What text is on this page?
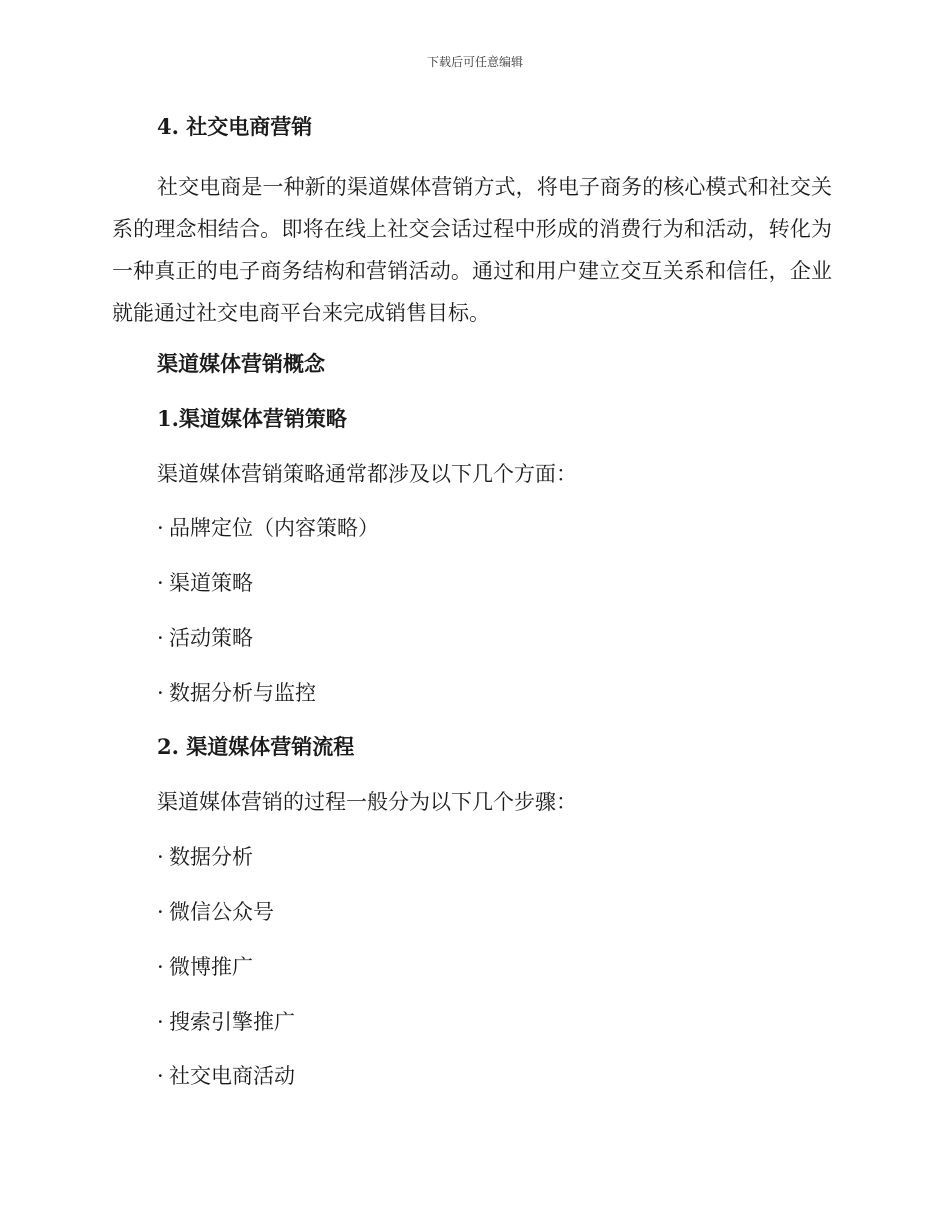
下载后可任意编辑
4. 社交电商营销

社交电商是一种新的渠道媒体营销方式，将电子商务的核心模式和社交关系的理念相结合。即将在线上社交会话过程中形成的消费行为和活动，转化为一种真正的电子商务结构和营销活动。通过和用户建立交互关系和信任，企业就能通过社交电商平台来完成销售目标。

渠道媒体营销概念
1.渠道媒体营销策略
渠道媒体营销策略通常都涉及以下几个方面：
· 品牌定位（内容策略）
· 渠道策略
· 活动策略
· 数据分析与监控
2. 渠道媒体营销流程
渠道媒体营销的过程一般分为以下几个步骤：
· 数据分析
· 微信公众号
· 微博推广
· 搜索引擎推广
· 社交电商活动
